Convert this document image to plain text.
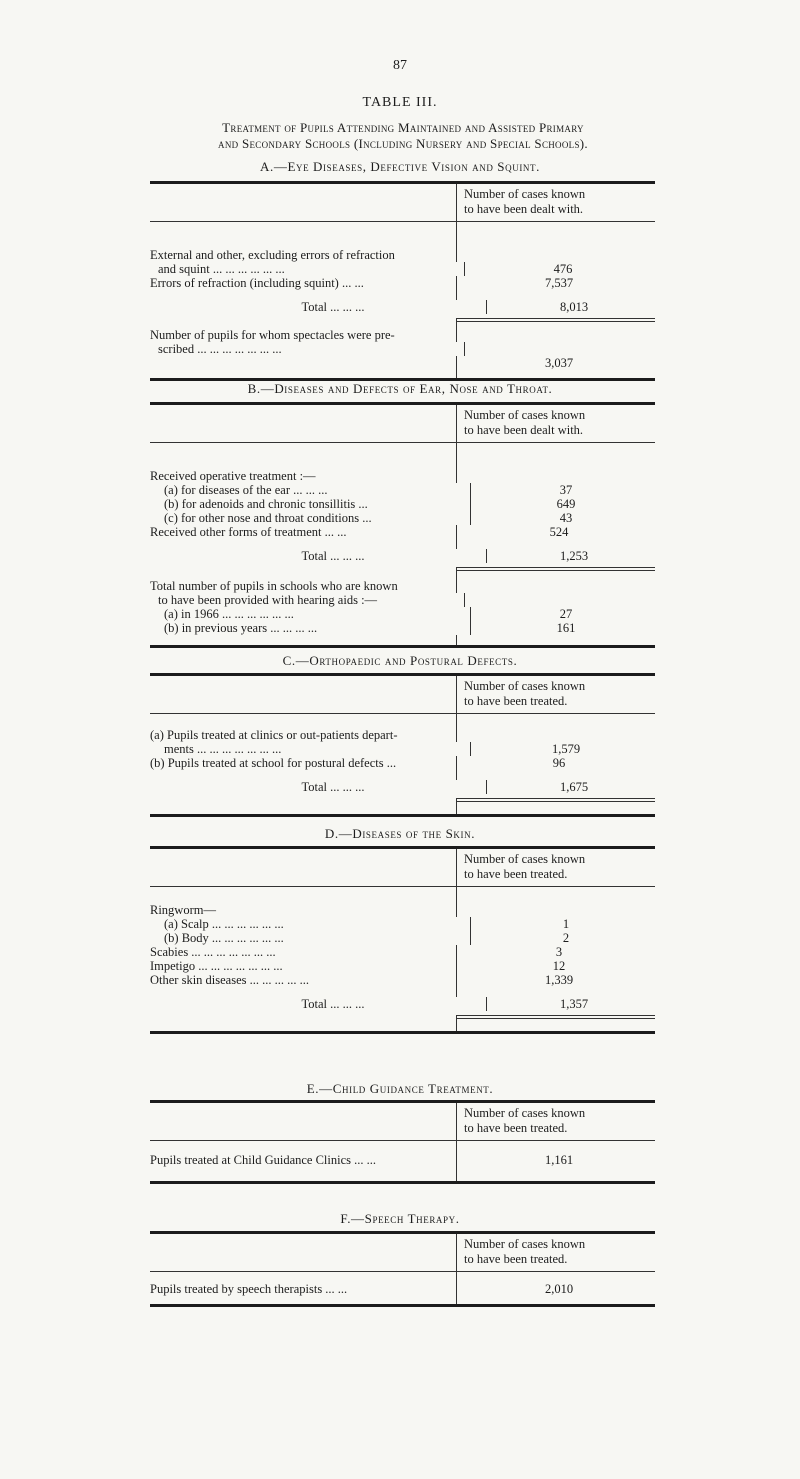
87
TABLE III.
Treatment of Pupils Attending Maintained and Assisted Primary
and Secondary Schools (Including Nursery and Special Schools).
A.—Eye Diseases, Defective Vision and Squint.
Number of cases known
to have been dealt with.
External and other, excluding errors of refraction
and squint ... ... ... ... ... ...	476
Errors of refraction (including squint) ... ...	7,537
Total ... ... ...	8,013
Number of pupils for whom spectacles were pre-
scribed ... ... ... ... ... ... ...
3,037
B.—Diseases and Defects of Ear, Nose and Throat.
Number of cases known
to have been dealt with.
Received operative treatment :—
(a) for diseases of the ear ... ... ...	37
(b) for adenoids and chronic tonsillitis ...	649
(c) for other nose and throat conditions ...	43
Received other forms of treatment ... ...	524
Total ... ... ...	1,253
Total number of pupils in schools who are known
to have been provided with hearing aids :—
(a) in 1966 ... ... ... ... ... ...	27
(b) in previous years ... ... ... ...	161
C.—Orthopaedic and Postural Defects.
Number of cases known
to have been treated.
(a) Pupils treated at clinics or out-patients depart-
ments ... ... ... ... ... ... ...	1,579
(b) Pupils treated at school for postural defects ...	96
Total ... ... ...	1,675
D.—Diseases of the Skin.
Number of cases known
to have been treated.
Ringworm—
(a) Scalp ... ... ... ... ... ...	1
(b) Body ... ... ... ... ... ...	2
Scabies ... ... ... ... ... ... ...	3
Impetigo ... ... ... ... ... ... ...	12
Other skin diseases ... ... ... ... ...	1,339
Total ... ... ...	1,357
E.—Child Guidance Treatment.
Number of cases known
to have been treated.
Pupils treated at Child Guidance Clinics ... ...	1,161
F.—Speech Therapy.
Number of cases known
to have been treated.
Pupils treated by speech therapists ... ...	2,010
